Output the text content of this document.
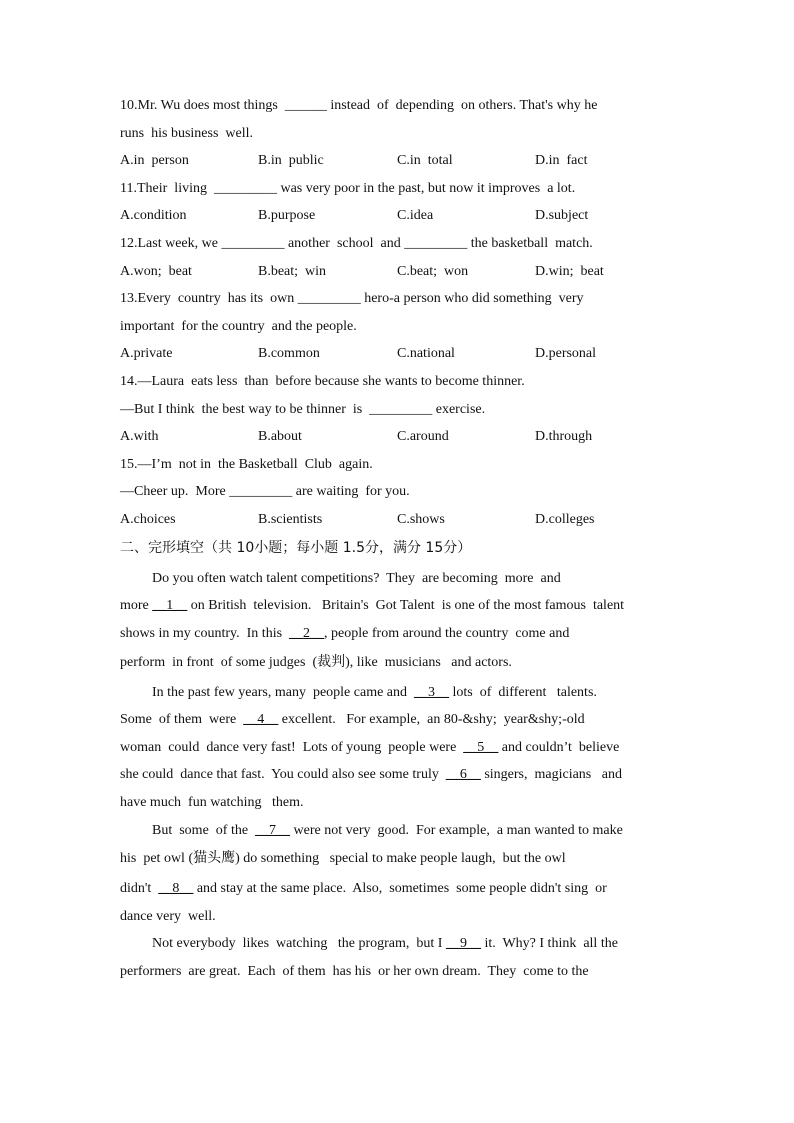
10.Mr. Wu does most things  ______ instead  of  depending  on others. That's why he
runs  his business  well.
A.in  person	B.in  public	C.in  total	D.in  fact
11.Their  living  _________ was very poor in the past, but now it improves  a lot.
A.condition	B.purpose	C.idea	D.subject
12.Last week, we _________ another  school  and _________ the basketball  match.
A.won;  beat	B.beat;  win	C.beat;  won	D.win;  beat
13.Every  country  has its  own _________ hero-a person who did something  very
important  for the country  and the people.
A.private	B.common	C.national	D.personal
14.—Laura  eats less  than  before because she wants to become thinner.
—But I think  the best way to be thinner  is  _________ exercise.
A.with	B.about	C.around	D.through
15.—I’m  not in  the Basketball  Club  again.
—Cheer up.  More _________ are waiting  for you.
A.choices	B.scientists	C.shows	D.colleges
二、完形填空（共 10小题；每小题 1.5分，满分 15分）
Do you often watch talent competitions?  They  are becoming  more  and
more __1__ on British  television.   Britain's  Got Talent  is one of the most famous  talent
shows in my country.  In this  __2__, people from around the country  come and
perform  in front  of some judges  (裁判), like  musicians   and actors.
In the past few years, many  people came and  __3__ lots  of  different   talents.
Some  of them  were  __4__ excellent.   For example,  an 80-&shy;  year&shy;-old
woman  could  dance very fast!  Lots of young  people were  __5__ and couldn’t  believe
she could  dance that fast.  You could also see some truly  __6__ singers,  magicians   and
have much  fun watching   them.
But  some  of the  __7__ were not very  good.  For example,  a man wanted to make
his  pet owl (猫头鹰) do something   special to make people laugh,  but the owl
didn't  __8__ and stay at the same place.  Also,  sometimes  some people didn't sing  or
dance very  well.
Not everybody  likes  watching   the program,  but I __9__ it.  Why? I think  all the
performers  are great.  Each  of them  has his  or her own dream.  They  come to the
